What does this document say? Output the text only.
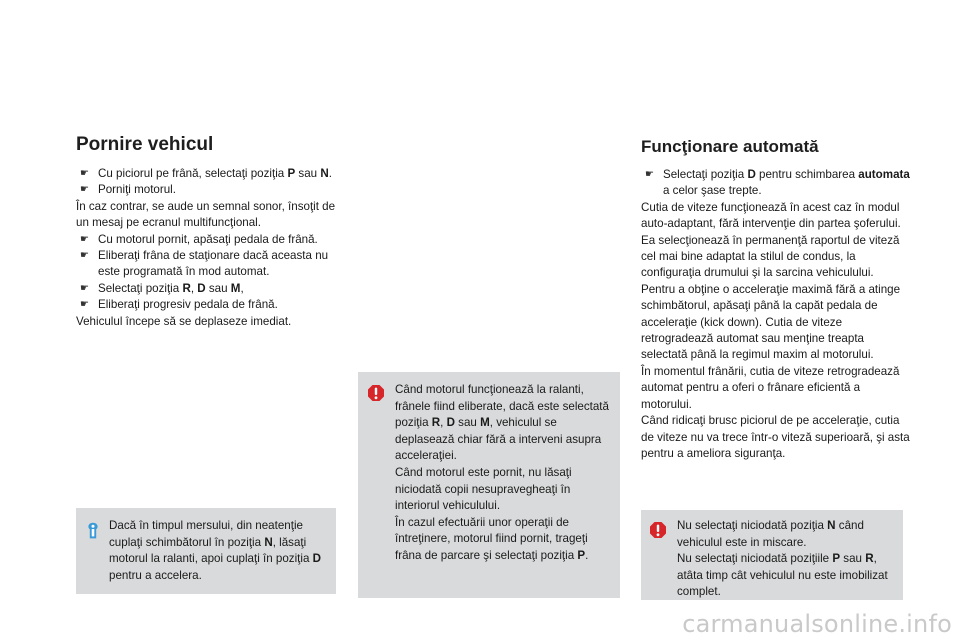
Pornire vehicul
☛ Cu piciorul pe frână, selectaţi poziţia P sau N.

☛ Porniţi motorul.

În caz contrar, se aude un semnal sonor, însoţit de un mesaj pe ecranul multifuncţional.

☛ Cu motorul pornit, apăsaţi pedala de frână.

☛ Eliberaţi frâna de staţionare dacă aceasta nu este programată în mod automat.

☛ Selectaţi poziţia R, D sau M,

☛ Eliberaţi progresiv pedala de frână.

Vehiculul începe să se deplaseze imediat.

Funcţionare automată
☛ Selectaţi poziţia D pentru schimbarea automata a celor şase trepte.

Cutia de viteze funcţionează în acest caz în modul auto-adaptant, fără intervenţie din partea şoferului. Ea selecţionează în permanenţă raportul de viteză cel mai bine adaptat la stilul de condus, la configuraţia drumului şi la sarcina vehiculului.

Pentru a obţine o acceleraţie maximă fără a atinge schimbătorul, apăsaţi până la capăt pedala de acceleraţie (kick down). Cutia de viteze retrogradează automat sau menţine treapta selectată până la regimul maxim al motorului.

În momentul frânării, cutia de viteze retrogradează automat pentru a oferi o frânare eficientă a motorului.

Când ridicaţi brusc piciorul de pe acceleraţie, cutia de viteze nu va trece într-o viteză superioară, şi asta pentru a ameliora siguranţa.

Dacă în timpul mersului, din neatenţie cuplaţi schimbătorul în poziţia N, lăsaţi motorul la ralanti, apoi cuplaţi în poziţia D pentru a accelera.

Când motorul funcţionează la ralanti, frânele fiind eliberate, dacă este selectată poziţia R, D sau M, vehiculul se deplasează chiar fără a interveni asupra acceleraţiei.

Când motorul este pornit, nu lăsaţi niciodată copii nesupravegheaţi în interiorul vehiculului.

În cazul efectuării unor operaţii de întreţinere, motorul fiind pornit, trageţi frâna de parcare şi selectaţi poziţia P.

Nu selectaţi niciodată poziţia N când vehiculul este in miscare.

Nu selectaţi niciodată poziţiile P sau R, atâta timp cât vehiculul nu este imobilizat complet.

carmanualsonline.info
